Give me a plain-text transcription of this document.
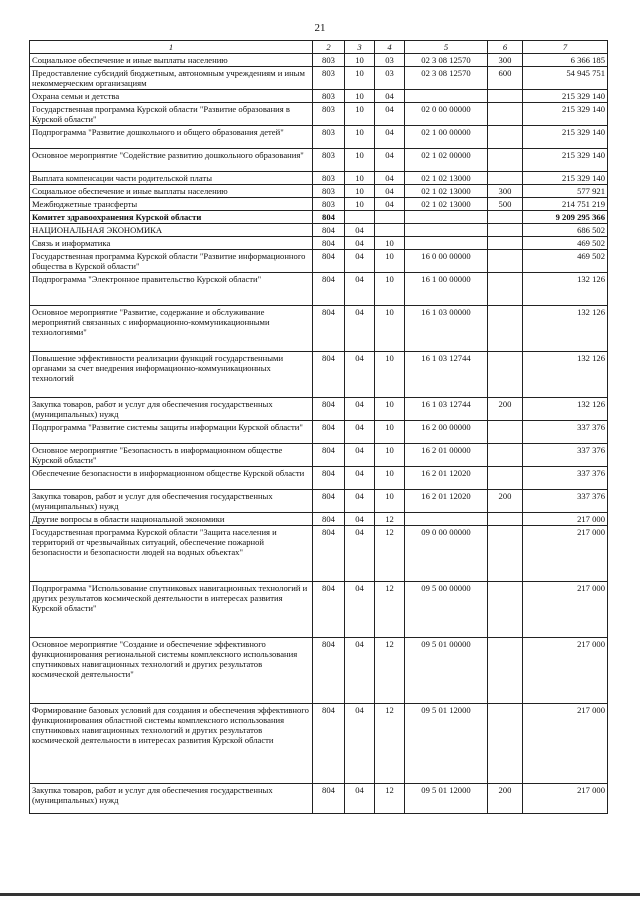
21
1	2	3	4	5	6	7
Социальное обеспечение и иные выплаты населению	803	10	03	02 3 08 12570	300	6 366 185
Предоставление субсидий бюджетным, автономным учреждениям и иным некоммерческим организациям	803	10	03	02 3 08 12570	600	54 945 751
Охрана семьи и детства	803	10	04			215 329 140
Государственная программа Курской области "Развитие образования в Курской области"	803	10	04	02 0 00 00000		215 329 140
Подпрограмма "Развитие дошкольного и общего образования детей"	803	10	04	02 1 00 00000		215 329 140
Основное мероприятие "Содействие развитию дошкольного образования"	803	10	04	02 1 02 00000		215 329 140
Выплата компенсации части родительской платы	803	10	04	02 1 02 13000		215 329 140
Социальное обеспечение и иные выплаты населению	803	10	04	02 1 02 13000	300	577 921
Межбюджетные трансферты	803	10	04	02 1 02 13000	500	214 751 219
Комитет здравоохранения Курской области	804					9 209 295 366
НАЦИОНАЛЬНАЯ ЭКОНОМИКА	804	04				686 502
Связь и информатика	804	04	10			469 502
Государственная программа Курской области "Развитие информационного общества в Курской области"	804	04	10	16 0 00 00000		469 502
Подпрограмма "Электронное правительство Курской области"	804	04	10	16 1 00 00000		132 126
Основное мероприятие "Развитие, содержание и обслуживание мероприятий связанных с информационно-коммуникационными технологиями"	804	04	10	16 1 03 00000		132 126
Повышение эффективности реализации функций государственными органами за счет внедрения информационно-коммуникационных технологий	804	04	10	16 1 03 12744		132 126
Закупка товаров, работ и услуг для обеспечения государственных (муниципальных) нужд	804	04	10	16 1 03 12744	200	132 126
Подпрограмма "Развитие системы защиты информации Курской области"	804	04	10	16 2 00 00000		337 376
Основное мероприятие "Безопасность в информационном обществе Курской области"	804	04	10	16 2 01 00000		337 376
Обеспечение безопасности в информационном обществе Курской области	804	04	10	16 2 01 12020		337 376
Закупка товаров, работ и услуг для обеспечения государственных (муниципальных) нужд	804	04	10	16 2 01 12020	200	337 376
Другие вопросы в области национальной экономики	804	04	12			217 000
Государственная программа Курской области "Защита населения и территорий от чрезвычайных ситуаций, обеспечение пожарной безопасности и безопасности людей на водных объектах"	804	04	12	09 0 00 00000		217 000
Подпрограмма "Использование спутниковых навигационных технологий и других результатов космической деятельности в интересах развития Курской области"	804	04	12	09 5 00 00000		217 000
Основное мероприятие "Создание и обеспечение эффективного функционирования региональной системы комплексного использования спутниковых навигационных технологий и других результатов космической деятельности"	804	04	12	09 5 01 00000		217 000
Формирование базовых условий для создания и обеспечения эффективного функционирования областной системы комплексного использования спутниковых навигационных технологий и других результатов космической деятельности в интересах развития Курской области	804	04	12	09 5 01 12000		217 000
Закупка товаров, работ и услуг для обеспечения государственных (муниципальных) нужд	804	04	12	09 5 01 12000	200	217 000
